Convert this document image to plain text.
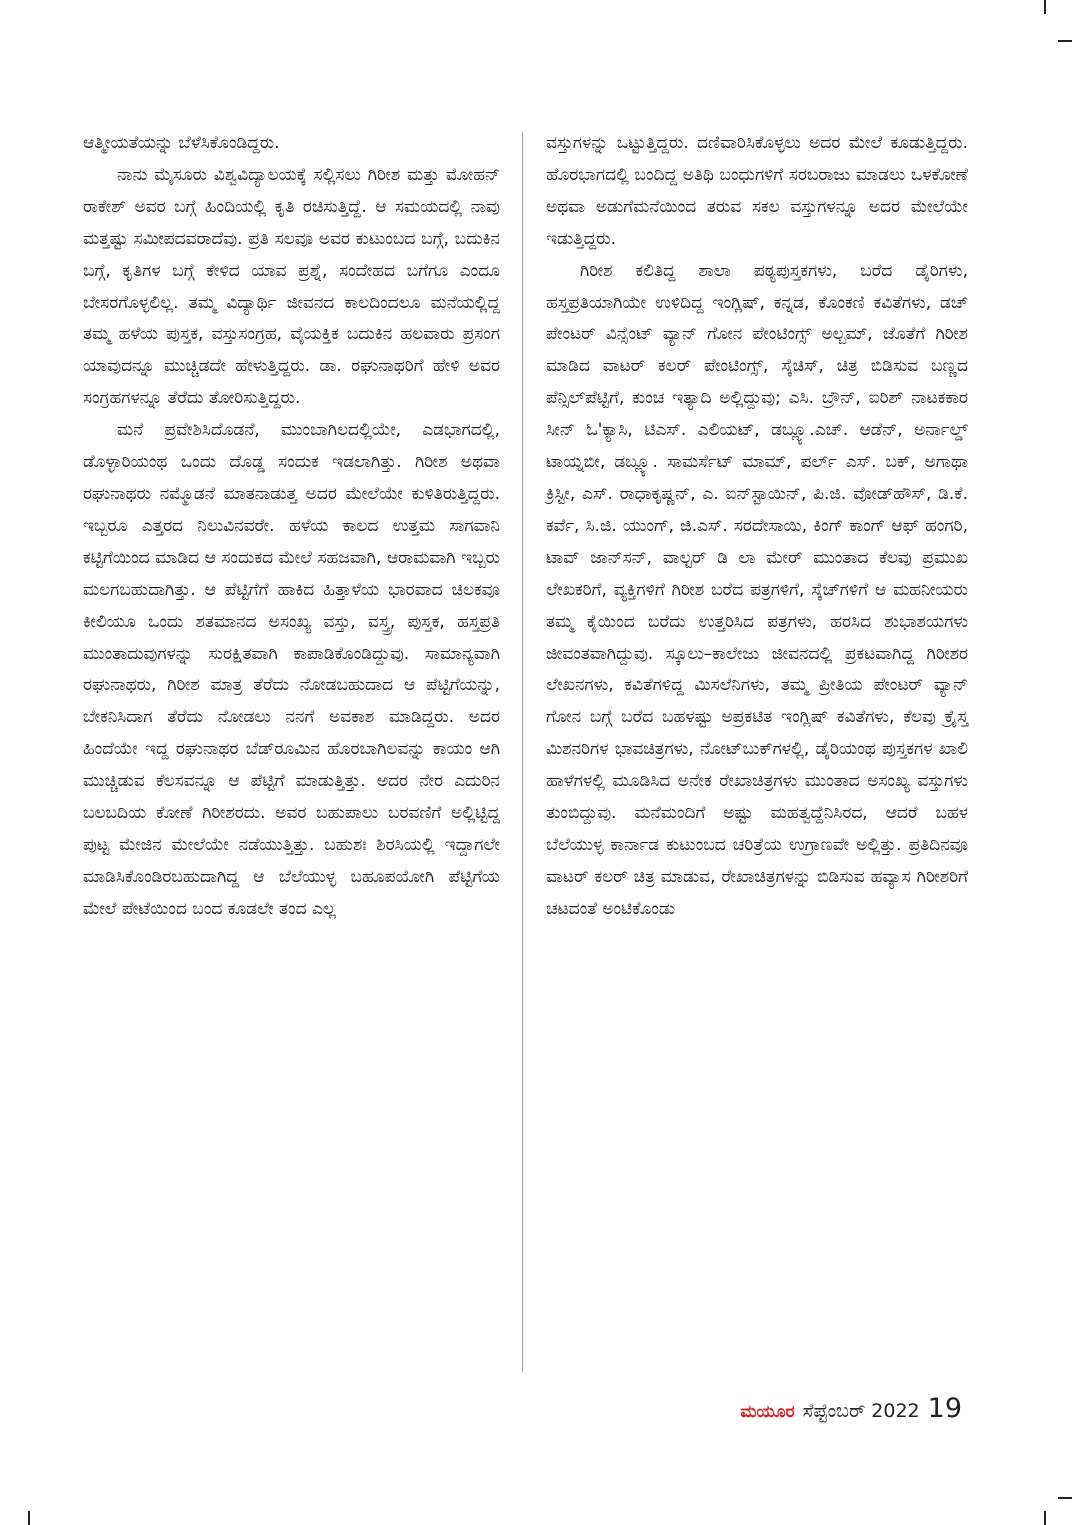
ಆತ್ಮೀಯತೆಯನ್ನು ಬೆಳೆಸಿಕೊಂಡಿದ್ದರು.

ನಾನು ಮೈಸೂರು ವಿಶ್ವವಿದ್ಯಾಲಯಕ್ಕೆ ಸಲ್ಲಿಸಲು ಗಿರೀಶ ಮತ್ತು ಮೋಹನ್ ರಾಕೇಶ್ ಅವರ ಬಗ್ಗೆ ಹಿಂದಿಯಲ್ಲಿ ಕೃತಿ ರಚಿಸುತ್ತಿದ್ದೆ. ಆ ಸಮಯದಲ್ಲಿ ನಾವು ಮತ್ತಷ್ಟು ಸಮೀಪದವರಾದೆವು. ಪ್ರತಿ ಸಲವೂ ಅವರ ಕುಟುಂಬದ ಬಗ್ಗೆ, ಬದುಕಿನ ಬಗ್ಗೆ, ಕೃತಿಗಳ ಬಗ್ಗೆ ಕೇಳಿದ ಯಾವ ಪ್ರಶ್ನೆ, ಸಂದೇಹದ ಬಗೆಗೂ ಎಂದೂ ಬೇಸರಗೊಳ್ಳಲಿಲ್ಲ. ತಮ್ಮ ವಿದ್ಯಾರ್ಥಿ ಜೀವನದ ಕಾಲದಿಂದಲೂ ಮನೆಯಲ್ಲಿದ್ದ ತಮ್ಮ ಹಳೆಯ ಪುಸ್ತಕ, ವಸ್ತುಸಂಗ್ರಹ, ವೈಯಕ್ತಿಕ ಬದುಕಿನ ಹಲವಾರು ಪ್ರಸಂಗ ಯಾವುದನ್ನೂ ಮುಚ್ಚಿಡದೇ ಹೇಳುತ್ತಿದ್ದರು. ಡಾ. ರಘುನಾಥರಿಗೆ ಹೇಳಿ ಅವರ ಸಂಗ್ರಹಗಳನ್ನೂ ತೆರೆದು ತೋರಿಸುತ್ತಿದ್ದರು.

ಮನೆ ಪ್ರವೇಶಿಸಿದೊಡನೆ, ಮುಂಬಾಗಿಲದಲ್ಲಿಯೇ, ಎಡಭಾಗದಲ್ಲಿ, ಡೊಳ್ಳಾರಿಯಂಥ ಒಂದು ದೊಡ್ಡ ಸಂದುಕ ಇಡಲಾಗಿತ್ತು. ಗಿರೀಶ ಅಥವಾ ರಘುನಾಥರು ನಮ್ಮೊಡನೆ ಮಾತನಾಡುತ್ತ ಅದರ ಮೇಲೆಯೇ ಕುಳಿತಿರುತ್ತಿದ್ದರು. ಇಬ್ಬರೂ ಎತ್ತರದ ನಿಲುವಿನವರೇ. ಹಳೆಯ ಕಾಲದ ಉತ್ತಮ ಸಾಗವಾನಿ ಕಟ್ಟಿಗೆಯಿಂದ ಮಾಡಿದ ಆ ಸಂದುಕದ ಮೇಲೆ ಸಹಜವಾಗಿ, ಆರಾಮವಾಗಿ ಇಬ್ಬರು ಮಲಗಬಹುದಾಗಿತ್ತು. ಆ ಪೆಟ್ಟಿಗೆಗೆ ಹಾಕಿದ ಹಿತ್ತಾಳೆಯ ಭಾರವಾದ ಚಿಲಕವೂ ಕೀಲಿಯೂ ಒಂದು ಶತಮಾನದ ಅಸಂಖ್ಯ ವಸ್ತು, ವಸ್ತ್ರ, ಪುಸ್ತಕ, ಹಸ್ತಪ್ರತಿ ಮುಂತಾದುವುಗಳನ್ನು ಸುರಕ್ಷಿತವಾಗಿ ಕಾಪಾಡಿಕೊಂಡಿದ್ದುವು. ಸಾಮಾನ್ಯವಾಗಿ ರಘುನಾಥರು, ಗಿರೀಶ ಮಾತ್ರ ತೆರೆದು ನೋಡಬಹುದಾದ ಆ ಪೆಟ್ಟಿಗೆಯನ್ನು, ಬೇಕನಿಸಿದಾಗ ತೆರೆದು ನೋಡಲು ನನಗೆ ಅವಕಾಶ ಮಾಡಿದ್ದರು. ಅದರ ಹಿಂದೆಯೇ ಇದ್ದ ರಘುನಾಥರ ಬೆಡ್‌ರೂಮಿನ ಹೊರಬಾಗಿಲವನ್ನು ಕಾಯಂ ಆಗಿ ಮುಚ್ಚಿಡುವ ಕೆಲಸವನ್ನೂ ಆ ಪೆಟ್ಟಿಗೆ ಮಾಡುತ್ತಿತ್ತು. ಅದರ ನೇರ ಎದುರಿನ ಬಲಬದಿಯ ಕೋಣೆ ಗಿರೀಶರದು. ಅವರ ಬಹುಪಾಲು ಬರವಣಿಗೆ ಅಲ್ಲಿಟ್ಟಿದ್ದ ಪುಟ್ಟ ಮೇಜಿನ ಮೇಲೆಯೇ ನಡೆಯುತ್ತಿತ್ತು. ಬಹುಶಃ ಶಿರಸಿಯಲ್ಲಿ ಇದ್ದಾಗಲೇ ಮಾಡಿಸಿಕೊಂಡಿರಬಹುದಾಗಿದ್ದ ಆ ಬೆಲೆಯುಳ್ಳ ಬಹೂಪಯೋಗಿ ಪೆಟ್ಟಿಗೆಯ ಮೇಲೆ ಪೇಟೆಯಿಂದ ಬಂದ ಕೂಡಲೇ ತಂದ ಎಲ್ಲ

ವಸ್ತುಗಳನ್ನು ಒಟ್ಟುತ್ತಿದ್ದರು. ದಣಿವಾರಿಸಿಕೊಳ್ಳಲು ಅದರ ಮೇಲೆ ಕೂಡುತ್ತಿದ್ದರು. ಹೊರಭಾಗದಲ್ಲಿ ಬಂದಿದ್ದ ಅತಿಥಿ ಬಂಧುಗಳಿಗೆ ಸರಬರಾಜು ಮಾಡಲು ಒಳಕೋಣೆ ಅಥವಾ ಅಡುಗೆಮನೆಯಿಂದ ತರುವ ಸಕಲ ವಸ್ತುಗಳನ್ನೂ ಅದರ ಮೇಲೆಯೇ ಇಡುತ್ತಿದ್ದರು.

ಗಿರೀಶ ಕಲಿತಿದ್ದ ಶಾಲಾ ಪಠ್ಯಪುಸ್ತಕಗಳು, ಬರೆದ ಡೈರಿಗಳು, ಹಸ್ತಪ್ರತಿಯಾಗಿಯೇ ಉಳಿದಿದ್ದ ಇಂಗ್ಲಿಷ್, ಕನ್ನಡ, ಕೊಂಕಣಿ ಕವಿತೆಗಳು, ಡಚ್ ಪೇಂಟರ್ ವಿನ್ಸೆಂಟ್ ವ್ಯಾನ್ ಗೋನ ಪೇಂಟಿಂಗ್ಸ್ ಅಲ್ಬಮ್, ಜೊತೆಗೆ ಗಿರೀಶ ಮಾಡಿದ ವಾಟರ್ ಕಲರ್ ಪೇಂಟಿಂಗ್ಸ್, ಸ್ಕೆಚಿಸ್, ಚಿತ್ರ ಬಿಡಿಸುವ ಬಣ್ಣದ ಪೆನ್ಸಿಲ್‌ಪೆಟ್ಟಿಗೆ, ಕುಂಚ ಇತ್ಯಾದಿ ಅಲ್ಲಿದ್ದುವು; ಎಸಿ. ಬ್ರೌನ್, ಐರಿಶ್ ನಾಟಕಕಾರ ಸೀನ್ ಓ'ಕ್ಯಾಸಿ, ಟಿಎಸ್. ಎಲಿಯಟ್, ಡಬ್ಲ್ಯೂ.ಎಚ್. ಆಡೆನ್, ಅರ್ನಾಲ್ಡ್ ಟಾಯ್ನಬೀ, ಡಬ್ಲ್ಯೂ. ಸಾಮರ್ಸೆಟ್ ಮಾಮ್, ಪರ್ಲ್ ಎಸ್. ಬಕ್, ಅಗಾಥಾ ಕ್ರಿಸ್ಟೀ, ಎಸ್. ರಾಧಾಕೃಷ್ಣನ್, ಎ. ಐನ್‌ಸ್ಟಾಯಿನ್, ಪಿ.ಜಿ. ವೋಡ್‌ಹೌಸ್, ಡಿ.ಕೆ. ಕರ್ವೆ, ಸಿ.ಜಿ. ಯುಂಗ್, ಜಿ.ಎಸ್. ಸರದೇಸಾಯಿ, ಕಿಂಗ್ ಕಾಂಗ್ ಆಫ್ ಹಂಗರಿ, ಟಾವ್ ಜಾನ್‌ಸನ್, ವಾಲ್ಟರ್ ಡಿ ಲಾ ಮೇರ್ ಮುಂತಾದ ಕೆಲವು ಪ್ರಮುಖ ಲೇಖಕರಿಗೆ, ವ್ಯಕ್ತಿಗಳಿಗೆ ಗಿರೀಶ ಬರೆದ ಪತ್ರಗಳಿಗೆ, ಸ್ಕೆಚ್‌ಗಳಿಗೆ ಆ ಮಹನೀಯರು ತಮ್ಮ ಕೈಯಿಂದ ಬರೆದು ಉತ್ತರಿಸಿದ ಪತ್ರಗಳು, ಹರಸಿದ ಶುಭಾಶಯಗಳು ಜೀವಂತವಾಗಿದ್ದುವು. ಸ್ಕೂಲು–ಕಾಲೇಜು ಜೀವನದಲ್ಲಿ ಪ್ರಕಟವಾಗಿದ್ದ ಗಿರೀಶರ ಲೇಖನಗಳು, ಕವಿತೆಗಳಿದ್ದ ಮಿಸಲೆನಿಗಳು, ತಮ್ಮ ಪ್ರೀತಿಯ ಪೇಂಟರ್ ವ್ಯಾನ್ ಗೋನ ಬಗ್ಗೆ ಬರೆದ ಬಹಳಷ್ಟು ಅಪ್ರಕಟಿತ ಇಂಗ್ಲಿಷ್ ಕವಿತೆಗಳು, ಕೆಲವು ಕ್ರೈಸ್ತ ಮಿಶನರಿಗಳ ಭಾವಚಿತ್ರಗಳು, ನೋಟ್‌ಬುಕ್‌ಗಳಲ್ಲಿ, ಡೈರಿಯಂಥ ಪುಸ್ತಕಗಳ ಖಾಲಿ ಹಾಳೆಗಳಲ್ಲಿ ಮೂಡಿಸಿದ ಅನೇಕ ರೇಖಾಚಿತ್ರಗಳು ಮುಂತಾದ ಅಸಂಖ್ಯ ವಸ್ತುಗಳು ತುಂಬಿದ್ದುವು. ಮನೆಮಂದಿಗೆ ಅಷ್ಟು ಮಹತ್ವದ್ದೆನಿಸಿರದ, ಆದರೆ ಬಹಳ ಬೆಲೆಯುಳ್ಳ ಕಾರ್ನಾಡ ಕುಟುಂಬದ ಚರಿತ್ರೆಯ ಉಗ್ರಾಣವೇ ಅಲ್ಲಿತ್ತು. ಪ್ರತಿದಿನವೂ ವಾಟರ್ ಕಲರ್ ಚಿತ್ರ ಮಾಡುವ, ರೇಖಾಚಿತ್ರಗಳನ್ನು ಬಿಡಿಸುವ ಹವ್ಯಾಸ ಗಿರೀಶರಿಗೆ ಚಟದಂತೆ ಅಂಟಿಕೊಂಡು

ಮಯೂರ ಸೆಪ್ಟೆಂಬರ್ 2022 19
